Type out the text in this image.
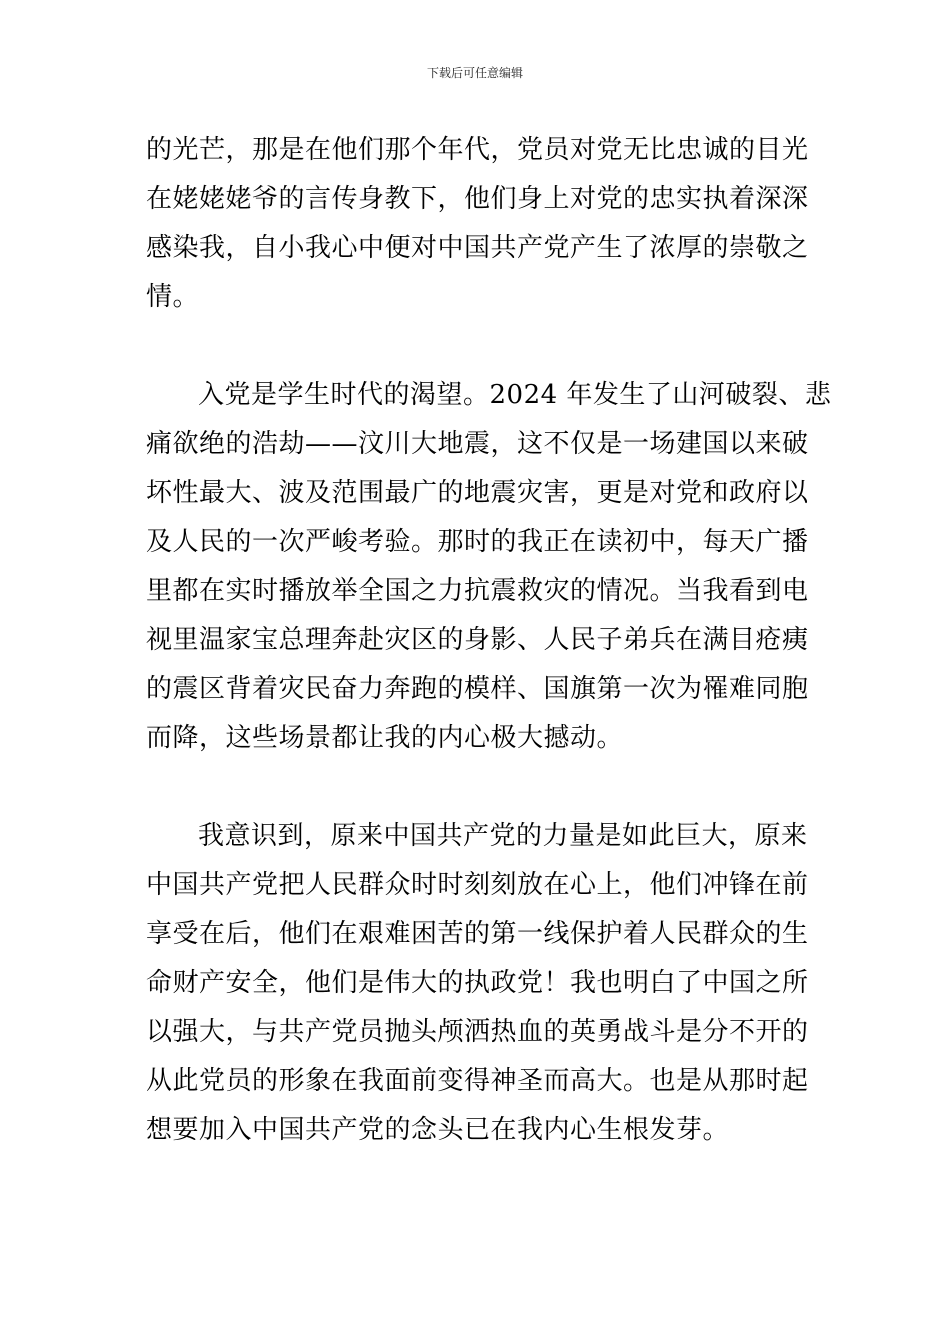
下载后可任意编辑
的光芒，那是在他们那个年代，党员对党无比忠诚的目光
在姥姥姥爷的言传身教下，他们身上对党的忠实执着深深
感染我，自小我心中便对中国共产党产生了浓厚的崇敬之
情。
入党是学生时代的渴望。2024 年发生了山河破裂、悲
痛欲绝的浩劫——汶川大地震，这不仅是一场建国以来破
坏性最大、波及范围最广的地震灾害，更是对党和政府以
及人民的一次严峻考验。那时的我正在读初中，每天广播
里都在实时播放举全国之力抗震救灾的情况。当我看到电
视里温家宝总理奔赴灾区的身影、人民子弟兵在满目疮痍
的震区背着灾民奋力奔跑的模样、国旗第一次为罹难同胞
而降，这些场景都让我的内心极大撼动。
我意识到，原来中国共产党的力量是如此巨大，原来
中国共产党把人民群众时时刻刻放在心上，他们冲锋在前
享受在后，他们在艰难困苦的第一线保护着人民群众的生
命财产安全，他们是伟大的执政党！我也明白了中国之所
以强大，与共产党员抛头颅洒热血的英勇战斗是分不开的
从此党员的形象在我面前变得神圣而高大。也是从那时起
想要加入中国共产党的念头已在我内心生根发芽。
